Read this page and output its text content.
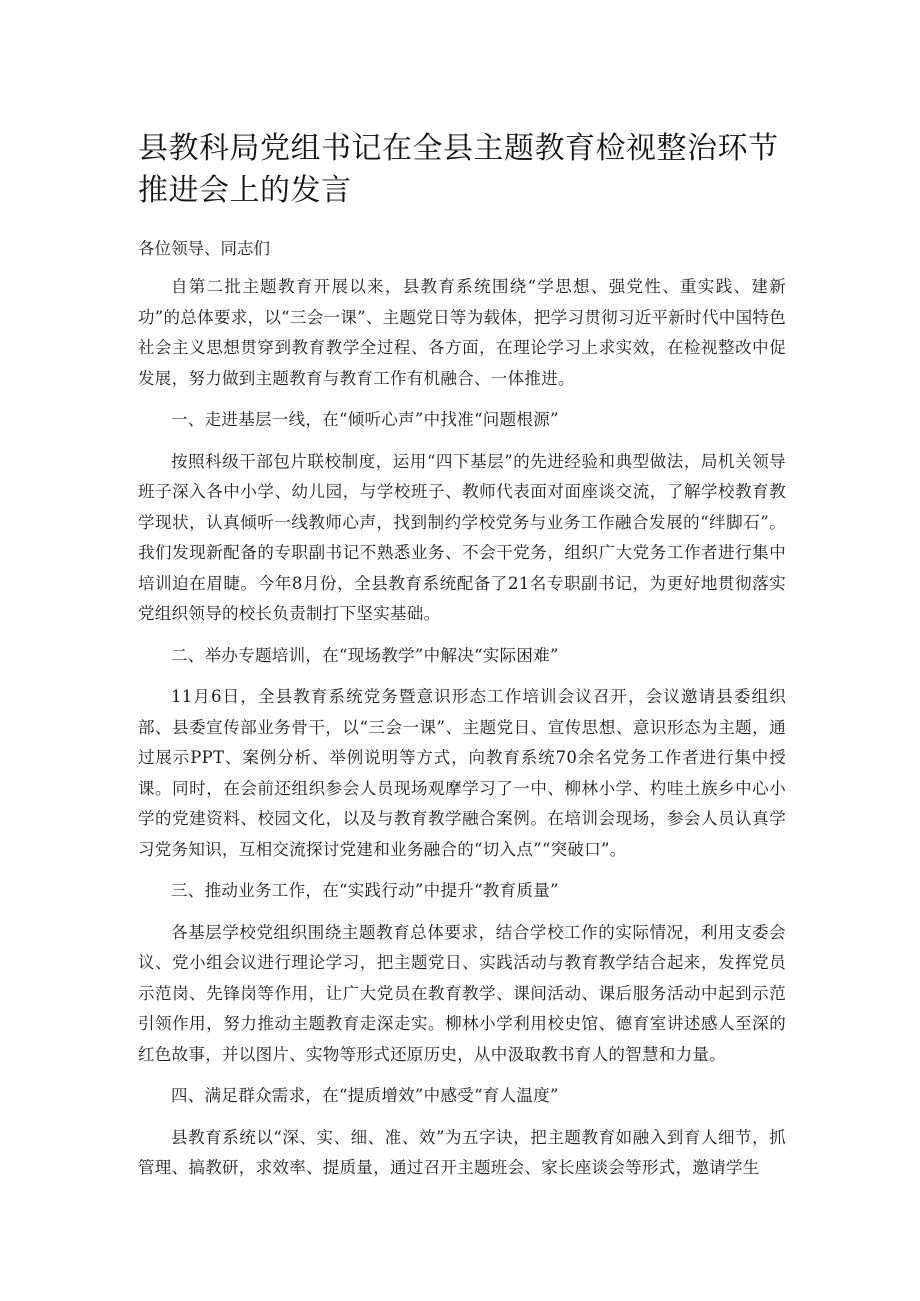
县教科局党组书记在全县主题教育检视整治环节推进会上的发言

各位领导、同志们

自第二批主题教育开展以来，县教育系统围绕“学思想、强党性、重实践、建新功”的总体要求，以“三会一课”、主题党日等为载体，把学习贯彻习近平新时代中国特色社会主义思想贯穿到教育教学全过程、各方面，在理论学习上求实效，在检视整改中促发展，努力做到主题教育与教育工作有机融合、一体推进。

一、走进基层一线，在“倾听心声”中找准“问题根源”

按照科级干部包片联校制度，运用“四下基层”的先进经验和典型做法，局机关领导班子深入各中小学、幼儿园，与学校班子、教师代表面对面座谈交流，了解学校教育教学现状，认真倾听一线教师心声，找到制约学校党务与业务工作融合发展的“绊脚石”。我们发现新配备的专职副书记不熟悉业务、不会干党务，组织广大党务工作者进行集中培训迫在眉睫。今年8月份，全县教育系统配备了21名专职副书记，为更好地贯彻落实党组织领导的校长负责制打下坚实基础。

二、举办专题培训，在“现场教学”中解决“实际困难”

11月6日，全县教育系统党务暨意识形态工作培训会议召开，会议邀请县委组织部、县委宣传部业务骨干，以“三会一课”、主题党日、宣传思想、意识形态为主题，通过展示PPT、案例分析、举例说明等方式，向教育系统70余名党务工作者进行集中授课。同时，在会前还组织参会人员现场观摩学习了一中、柳林小学、杓哇土族乡中心小学的党建资料、校园文化，以及与教育教学融合案例。在培训会现场，参会人员认真学习党务知识，互相交流探讨党建和业务融合的“切入点”“突破口”。

三、推动业务工作，在“实践行动”中提升“教育质量”

各基层学校党组织围绕主题教育总体要求，结合学校工作的实际情况，利用支委会议、党小组会议进行理论学习，把主题党日、实践活动与教育教学结合起来，发挥党员示范岗、先锋岗等作用，让广大党员在教育教学、课间活动、课后服务活动中起到示范引领作用，努力推动主题教育走深走实。柳林小学利用校史馆、德育室讲述感人至深的红色故事，并以图片、实物等形式还原历史，从中汲取教书育人的智慧和力量。

四、满足群众需求，在“提质增效”中感受“育人温度”

县教育系统以“深、实、细、准、效”为五字诀，把主题教育如融入到育人细节，抓管理、搞教研，求效率、提质量，通过召开主题班会、家长座谈会等形式，邀请学生
